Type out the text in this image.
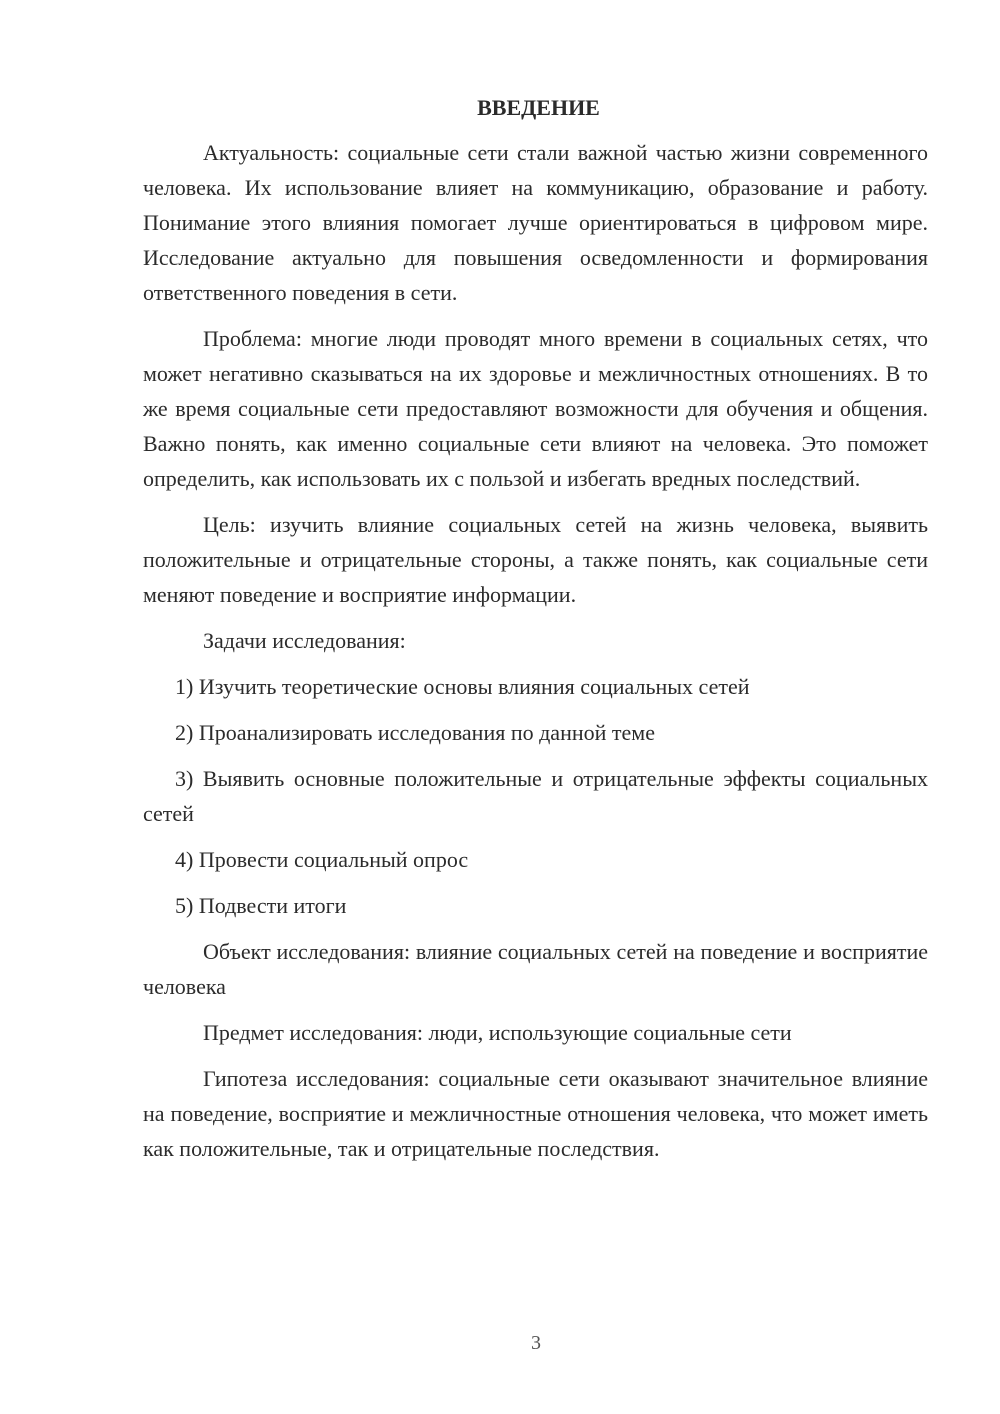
ВВЕДЕНИЕ

Актуальность: социальные сети стали важной частью жизни современного человека. Их использование влияет на коммуникацию, образование и работу. Понимание этого влияния помогает лучше ориентироваться в цифровом мире. Исследование актуально для повышения осведомленности и формирования ответственного поведения в сети.

Проблема: многие люди проводят много времени в социальных сетях, что может негативно сказываться на их здоровье и межличностных отношениях. В то же время социальные сети предоставляют возможности для обучения и общения. Важно понять, как именно социальные сети влияют на человека. Это поможет определить, как использовать их с пользой и избегать вредных последствий.

Цель: изучить влияние социальных сетей на жизнь человека, выявить положительные и отрицательные стороны, а также понять, как социальные сети меняют поведение и восприятие информации.

Задачи исследования:

1) Изучить теоретические основы влияния социальных сетей

2) Проанализировать исследования по данной теме

3) Выявить основные положительные и отрицательные эффекты социальных сетей

4) Провести социальный опрос

5) Подвести итоги

Объект исследования: влияние социальных сетей на поведение и восприятие человека

Предмет исследования: люди, использующие социальные сети

Гипотеза исследования: социальные сети оказывают значительное влияние на поведение, восприятие и межличностные отношения человека, что может иметь как положительные, так и отрицательные последствия.

3
